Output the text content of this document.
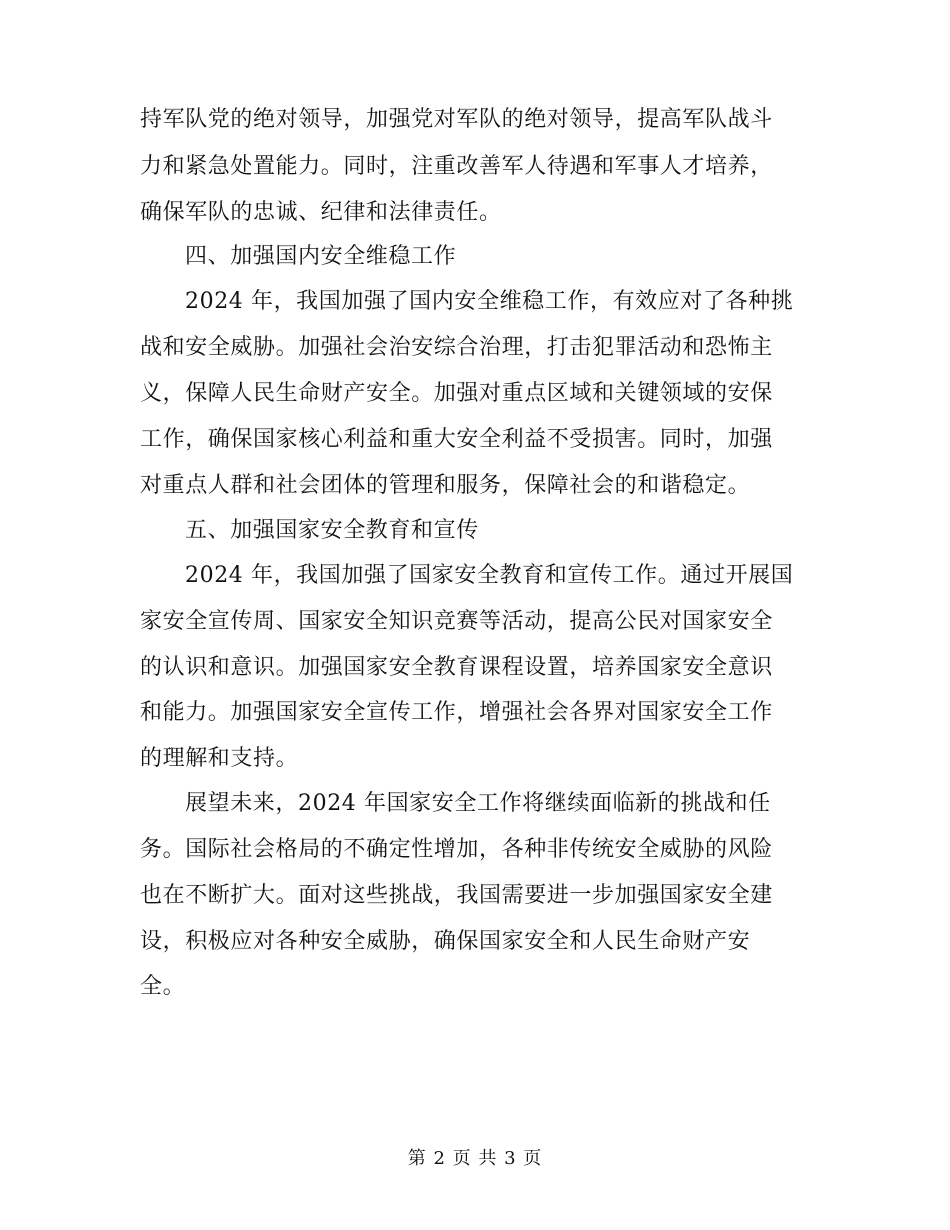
持军队党的绝对领导，加强党对军队的绝对领导，提高军队战斗
力和紧急处置能力。同时，注重改善军人待遇和军事人才培养，
确保军队的忠诚、纪律和法律责任。
四、加强国内安全维稳工作
2024 年，我国加强了国内安全维稳工作，有效应对了各种挑
战和安全威胁。加强社会治安综合治理，打击犯罪活动和恐怖主
义，保障人民生命财产安全。加强对重点区域和关键领域的安保
工作，确保国家核心利益和重大安全利益不受损害。同时，加强
对重点人群和社会团体的管理和服务，保障社会的和谐稳定。
五、加强国家安全教育和宣传
2024 年，我国加强了国家安全教育和宣传工作。通过开展国
家安全宣传周、国家安全知识竞赛等活动，提高公民对国家安全
的认识和意识。加强国家安全教育课程设置，培养国家安全意识
和能力。加强国家安全宣传工作，增强社会各界对国家安全工作
的理解和支持。
展望未来，2024 年国家安全工作将继续面临新的挑战和任
务。国际社会格局的不确定性增加，各种非传统安全威胁的风险
也在不断扩大。面对这些挑战，我国需要进一步加强国家安全建
设，积极应对各种安全威胁，确保国家安全和人民生命财产安
全。
第 2 页 共 3 页
